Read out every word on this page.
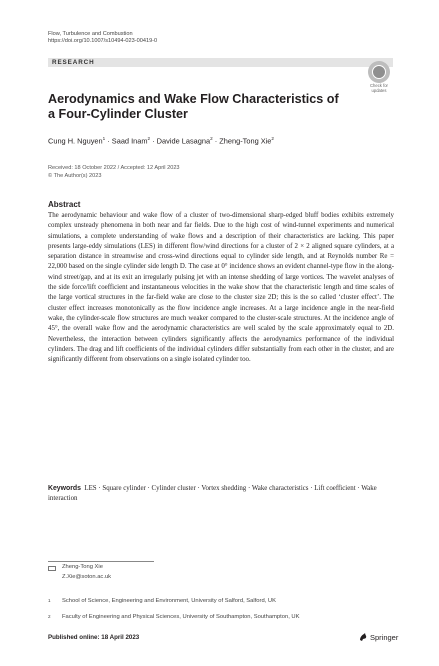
Flow, Turbulence and Combustion
https://doi.org/10.1007/s10494-023-00419-0
RESEARCH
Check for
updates
Aerodynamics and Wake Flow Characteristics of a Four-Cylinder Cluster
Cung H. Nguyen$^1$ · Saad Inam$^2$ · Davide Lasagna$^2$ · Zheng-Tong Xie$^2$
Received: 18 October 2022 / Accepted: 12 April 2023
© The Author(s) 2023
Abstract
The aerodynamic behaviour and wake flow of a cluster of two-dimensional sharp-edged bluff bodies exhibits extremely complex unsteady phenomena in both near and far fields. Due to the high cost of wind-tunnel experiments and numerical simulations, a complete understanding of wake flows and a description of their characteristics are lacking. This paper presents large-eddy simulations (LES) in different flow/wind directions for a cluster of 2 × 2 aligned square cylinders, at a separation distance in streamwise and cross-wind directions equal to cylinder side length, and at Reynolds number Re = 22,000 based on the single cylinder side length D. The case at 0° incidence shows an evident channel-type flow in the along-wind street/gap, and at its exit an irregularly pulsing jet with an intense shedding of large vortices. The wavelet analyses of the side force/lift coefficient and instantaneous velocities in the wake show that the characteristic length and time scales of the large vortical structures in the far-field wake are close to the cluster size 2D; this is the so called ‘cluster effect’. The cluster effect increases monotonically as the flow incidence angle increases. At a large incidence angle in the near-field wake, the cylinder-scale flow structures are much weaker compared to the cluster-scale structures. At the incidence angle of 45°, the overall wake flow and the aerodynamic characteristics are well scaled by the scale approximately equal to 2D. Nevertheless, the interaction between cylinders significantly affects the aerodynamics performance of the individual cylinders. The drag and lift coefficients of the individual cylinders differ substantially from each other in the cluster, and are significantly different from observations on a single isolated cylinder too.
Keywords LES · Square cylinder · Cylinder cluster · Vortex shedding · Wake characteristics · Lift coefficient · Wake interaction
Zheng-Tong Xie
Z.Xie@soton.ac.uk
1 School of Science, Engineering and Environment, University of Salford, Salford, UK
2 Faculty of Engineering and Physical Sciences, University of Southampton, Southampton, UK
Published online: 18 April 2023	Springer
